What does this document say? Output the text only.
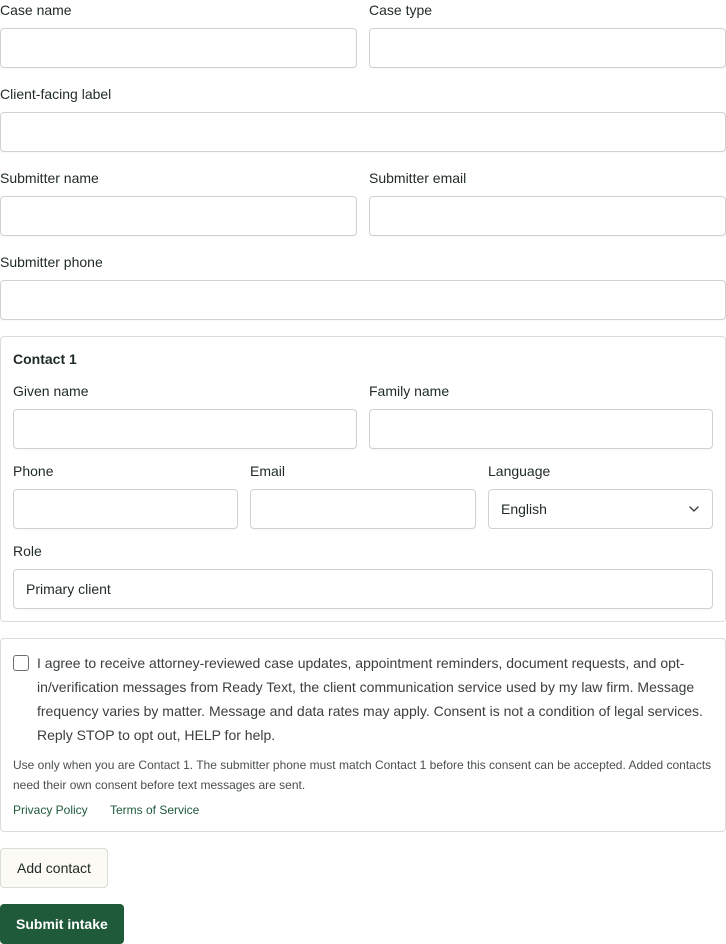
Case name	Case type
Client-facing label
Submitter name	Submitter email
Submitter phone
Contact 1
Given name	Family name
Phone	Email	Language
English
Role
Primary client
I agree to receive attorney-reviewed case updates, appointment reminders, document requests, and opt-in/verification messages from Ready Text, the client communication service used by my law firm. Message frequency varies by matter. Message and data rates may apply. Consent is not a condition of legal services. Reply STOP to opt out, HELP for help.
Use only when you are Contact 1. The submitter phone must match Contact 1 before this consent can be accepted. Added contacts need their own consent before text messages are sent.
Privacy Policy Terms of Service
Add contact
Submit intake
